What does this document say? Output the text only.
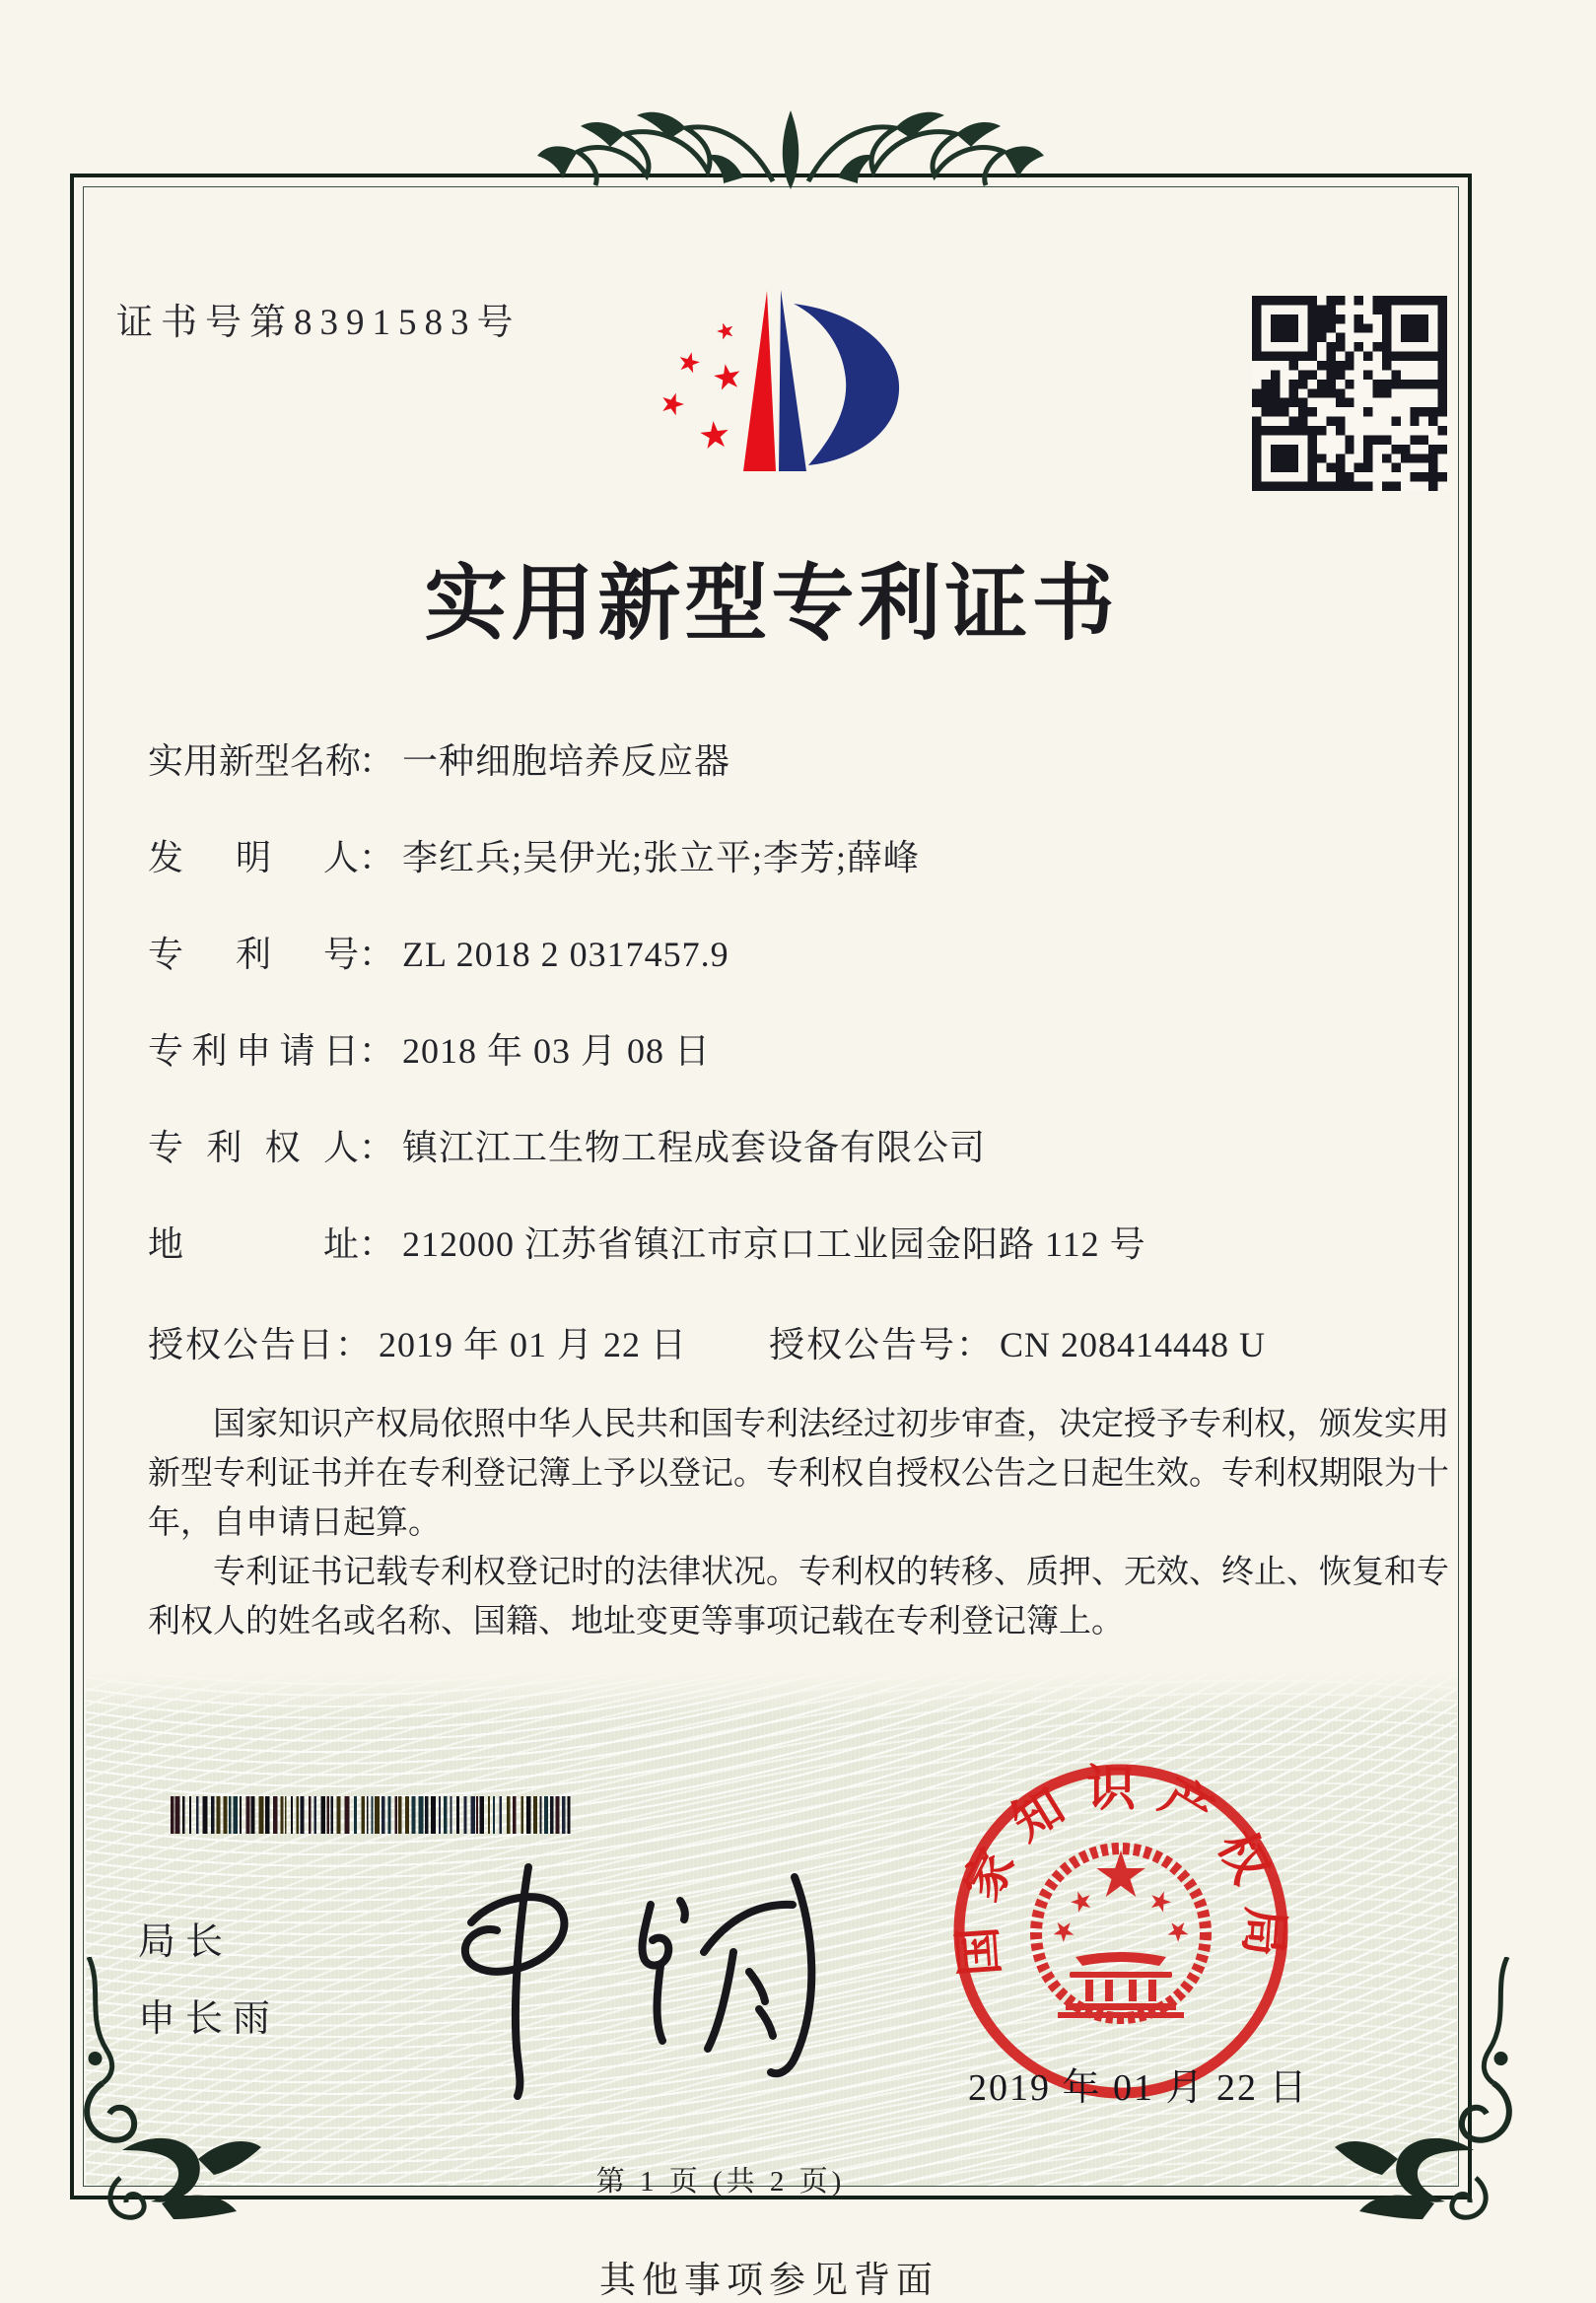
证书号第8391583号
实用新型专利证书
实用新型名称： 一种细胞培养反应器
发明人： 李红兵;吴伊光;张立平;李芳;薛峰
专利号： ZL 2018 2 0317457.9
专利申请日： 2018 年 03 月 08 日
专利权人： 镇江江工生物工程成套设备有限公司
地址： 212000 江苏省镇江市京口工业园金阳路 112 号
授权公告日： 2019 年 01 月 22 日 授权公告号： CN 208414448 U

国家知识产权局依照中华人民共和国专利法经过初步审查，决定授予专利权，颁发实用新型专利证书并在专利登记簿上予以登记。专利权自授权公告之日起生效。专利权期限为十年，自申请日起算。

专利证书记载专利权登记时的法律状况。专利权的转移、质押、无效、终止、恢复和专利权人的姓名或名称、国籍、地址变更等事项记载在专利登记簿上。

局长
申长雨
国家知识产权局
2019 年 01 月 22 日
第 1 页 (共 2 页)
其他事项参见背面
